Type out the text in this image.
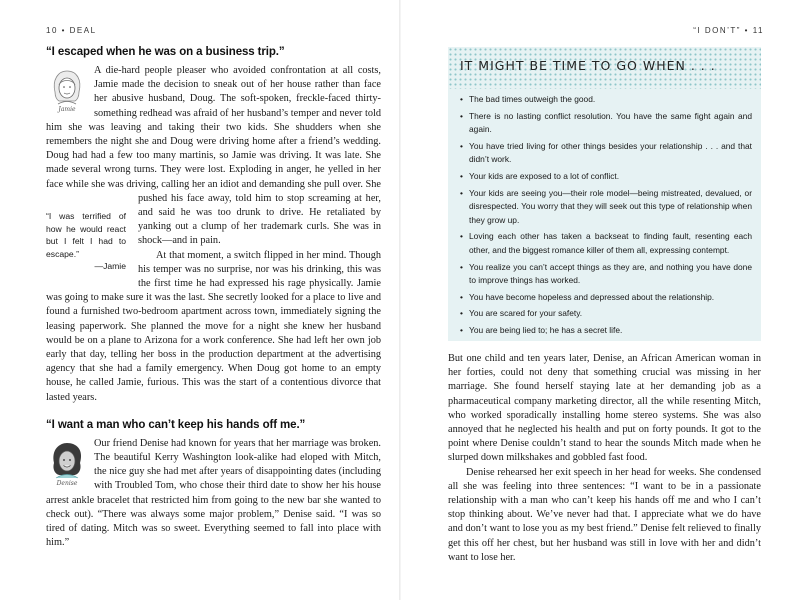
10 • DEAL	“I DON’T” • 11
“I escaped when he was on a business trip.”
Jamie
“I was terrified of how he would react but I felt I had to escape.”
—Jamie

A die-hard people pleaser who avoided confrontation at all costs, Jamie made the decision to sneak out of her house rather than face her abusive husband, Doug. The soft-spoken, freckle-faced thirty-something redhead was afraid of her husband’s temper and never told him she was leaving and taking their two kids. She shudders when she remembers the night she and Doug were driving home after a friend’s wedding. Doug had had a few too many martinis, so Jamie was driving. It was late. She made several wrong turns. They were lost. Exploding in anger, he yelled in her face while she was driving, calling her an idiot and demanding she pull over. She pushed his face away, told him to stop screaming at her, and said he was too drunk to drive. He retaliated by yanking out a clump of her trademark curls. She was in shock—and in pain.

At that moment, a switch flipped in her mind. Though his temper was no surprise, nor was his drinking, this was the first time he had expressed his rage physically. Jamie was going to make sure it was the last. She secretly looked for a place to live and found a furnished two-bedroom apartment across town, immediately signing the leasing paperwork. She planned the move for a night she knew her husband would be on a plane to Arizona for a work conference. She had left her own job early that day, telling her boss in the production department at the advertising agency that she had a family emergency. When Doug got home to an empty house, he called Jamie, furious. This was the start of a contentious divorce that lasted years.

“I want a man who can’t keep his hands off me.”
Denise

Our friend Denise had known for years that her marriage was broken. The beautiful Kerry Washington look-alike had eloped with Mitch, the nice guy she had met after years of disappointing dates (including with Troubled Tom, who chose their third date to show her his house arrest ankle bracelet that restricted him from going to the new bar she wanted to check out). “There was always some major problem,” Denise said. “I was so tired of dating. Mitch was so sweet. Everything seemed to fall into place with him.”

IT MIGHT BE TIME TO GO WHEN . . .
• The bad times outweigh the good.
• There is no lasting conflict resolution. You have the same fight again and again.
• You have tried living for other things besides your relationship . . . and that didn’t work.
• Your kids are exposed to a lot of conflict.
• Your kids are seeing you—their role model—being mistreated, devalued, or disrespected. You worry that they will seek out this type of relationship when they grow up.
• Loving each other has taken a backseat to finding fault, resenting each other, and the biggest romance killer of them all, expressing contempt.
• You realize you can’t accept things as they are, and nothing you have done to improve things has worked.
• You have become hopeless and depressed about the relationship.
• You are scared for your safety.
• You are being lied to; he has a secret life.

But one child and ten years later, Denise, an African American woman in her forties, could not deny that something crucial was missing in her marriage. She found herself staying late at her demanding job as a pharmaceutical company marketing director, all the while resenting Mitch, who worked sporadically installing home stereo systems. She was also annoyed that he neglected his health and put on forty pounds. It got to the point where Denise couldn’t stand to hear the sounds Mitch made when he slurped down milkshakes and gobbled fast food.

Denise rehearsed her exit speech in her head for weeks. She condensed all she was feeling into three sentences: “I want to be in a passionate relationship with a man who can’t keep his hands off me and who I can’t stop thinking about. We’ve never had that. I appreciate what we do have and don’t want to lose you as my best friend.” Denise felt relieved to finally get this off her chest, but her husband was still in love with her and didn’t want to lose her.
